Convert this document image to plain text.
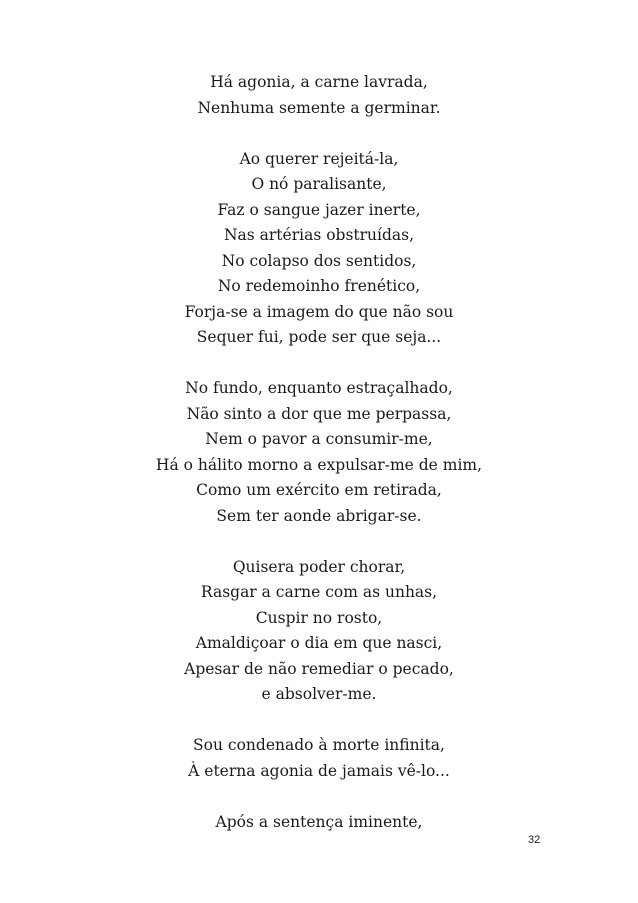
Há agonia, a carne lavrada,
Nenhuma semente a germinar.
Ao querer rejeitá-la,
O nó paralisante,
Faz o sangue jazer inerte,
Nas artérias obstruídas,
No colapso dos sentidos,
No redemoinho frenético,
Forja-se a imagem do que não sou
Sequer fui, pode ser que seja...
No fundo, enquanto estraçalhado,
Não sinto a dor que me perpassa,
Nem o pavor a consumir-me,
Há o hálito morno a expulsar-me de mim,
Como um exército em retirada,
Sem ter aonde abrigar-se.
Quisera poder chorar,
Rasgar a carne com as unhas,
Cuspir no rosto,
Amaldiçoar o dia em que nasci,
Apesar de não remediar o pecado,
e absolver-me.
Sou condenado à morte infinita,
À eterna agonia de jamais vê-lo...
Após a sentença iminente,
32
